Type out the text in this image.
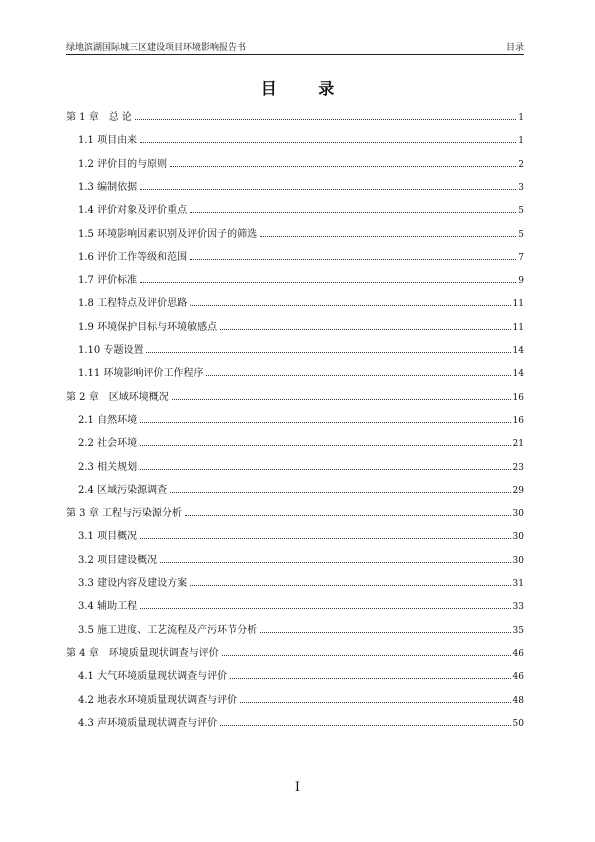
绿地滨湖国际城三区建设项目环境影响报告书	目录
目 录
第 1 章　总 论	1
1.1 项目由来	1
1.2 评价目的与原则	2
1.3 编制依据	3
1.4 评价对象及评价重点	5
1.5 环境影响因素识别及评价因子的筛选	5
1.6 评价工作等级和范围	7
1.7 评价标准	9
1.8 工程特点及评价思路	11
1.9 环境保护目标与环境敏感点	11
1.10 专题设置	14
1.11 环境影响评价工作程序	14
第 2 章　区域环境概况	16
2.1 自然环境	16
2.2 社会环境	21
2.3 相关规划	23
2.4 区域污染源调查	29
第 3 章 工程与污染源分析	30
3.1 项目概况	30
3.2 项目建设概况	30
3.3 建设内容及建设方案	31
3.4 辅助工程	33
3.5 施工进度、工艺流程及产污环节分析	35
第 4 章　环境质量现状调查与评价	46
4.1 大气环境质量现状调查与评价	46
4.2 地表水环境质量现状调查与评价	48
4.3 声环境质量现状调查与评价	50
I
